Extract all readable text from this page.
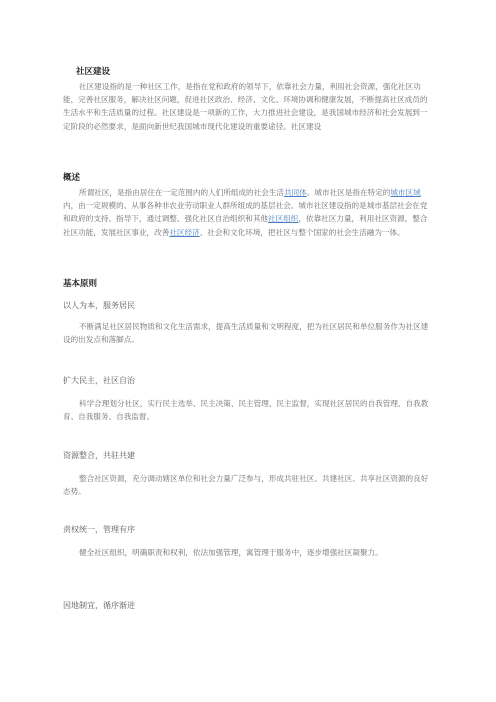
社区建设

社区建设指的是一种社区工作，是指在党和政府的领导下，依靠社会力量，利用社会资源，强化社区功能，完善社区服务，解决社区问题，促进社区政治、经济、文化、环境协调和健康发展，不断提高社区成员的生活水平和生活质量的过程。社区建设是一项新的工作，大力推进社会建设，是我国城市经济和社会发展到一定阶段的必然要求，是面向新世纪我国城市现代化建设的重要途径。社区建设

概述

所谓社区，是指由居住在一定范围内的人们所组成的社会生活共同体。城市社区是指在特定的城市区域内，由一定规模的、从事各种非农业劳动职业人群所组成的基层社会。城市社区建设指的是城市基层社会在党和政府的支持、指导下，通过调整、强化社区自治组织和其他社区组织，依靠社区力量，利用社区资源，整合社区功能，发展社区事业，改善社区经济、社会和文化环境，把社区与整个国家的社会生活融为一体。

基本原则

以人为本，服务居民

不断满足社区居民物质和文化生活需求，提高生活质量和文明程度，把为社区居民和单位服务作为社区建设的出发点和落脚点。

扩大民主，社区自治

科学合理划分社区，实行民主选举、民主决策、民主管理、民主监督，实现社区居民的自我管理、自我教育、自我服务、自我监督。

资源整合，共驻共建

整合社区资源，充分调动辖区单位和社会力量广泛参与，形成共驻社区、共建社区、共享社区资源的良好态势。

责权统一，管理有序

健全社区组织，明确职责和权利，依法加强管理，寓管理于服务中，逐步增强社区凝聚力。

因地制宜，循序渐进
